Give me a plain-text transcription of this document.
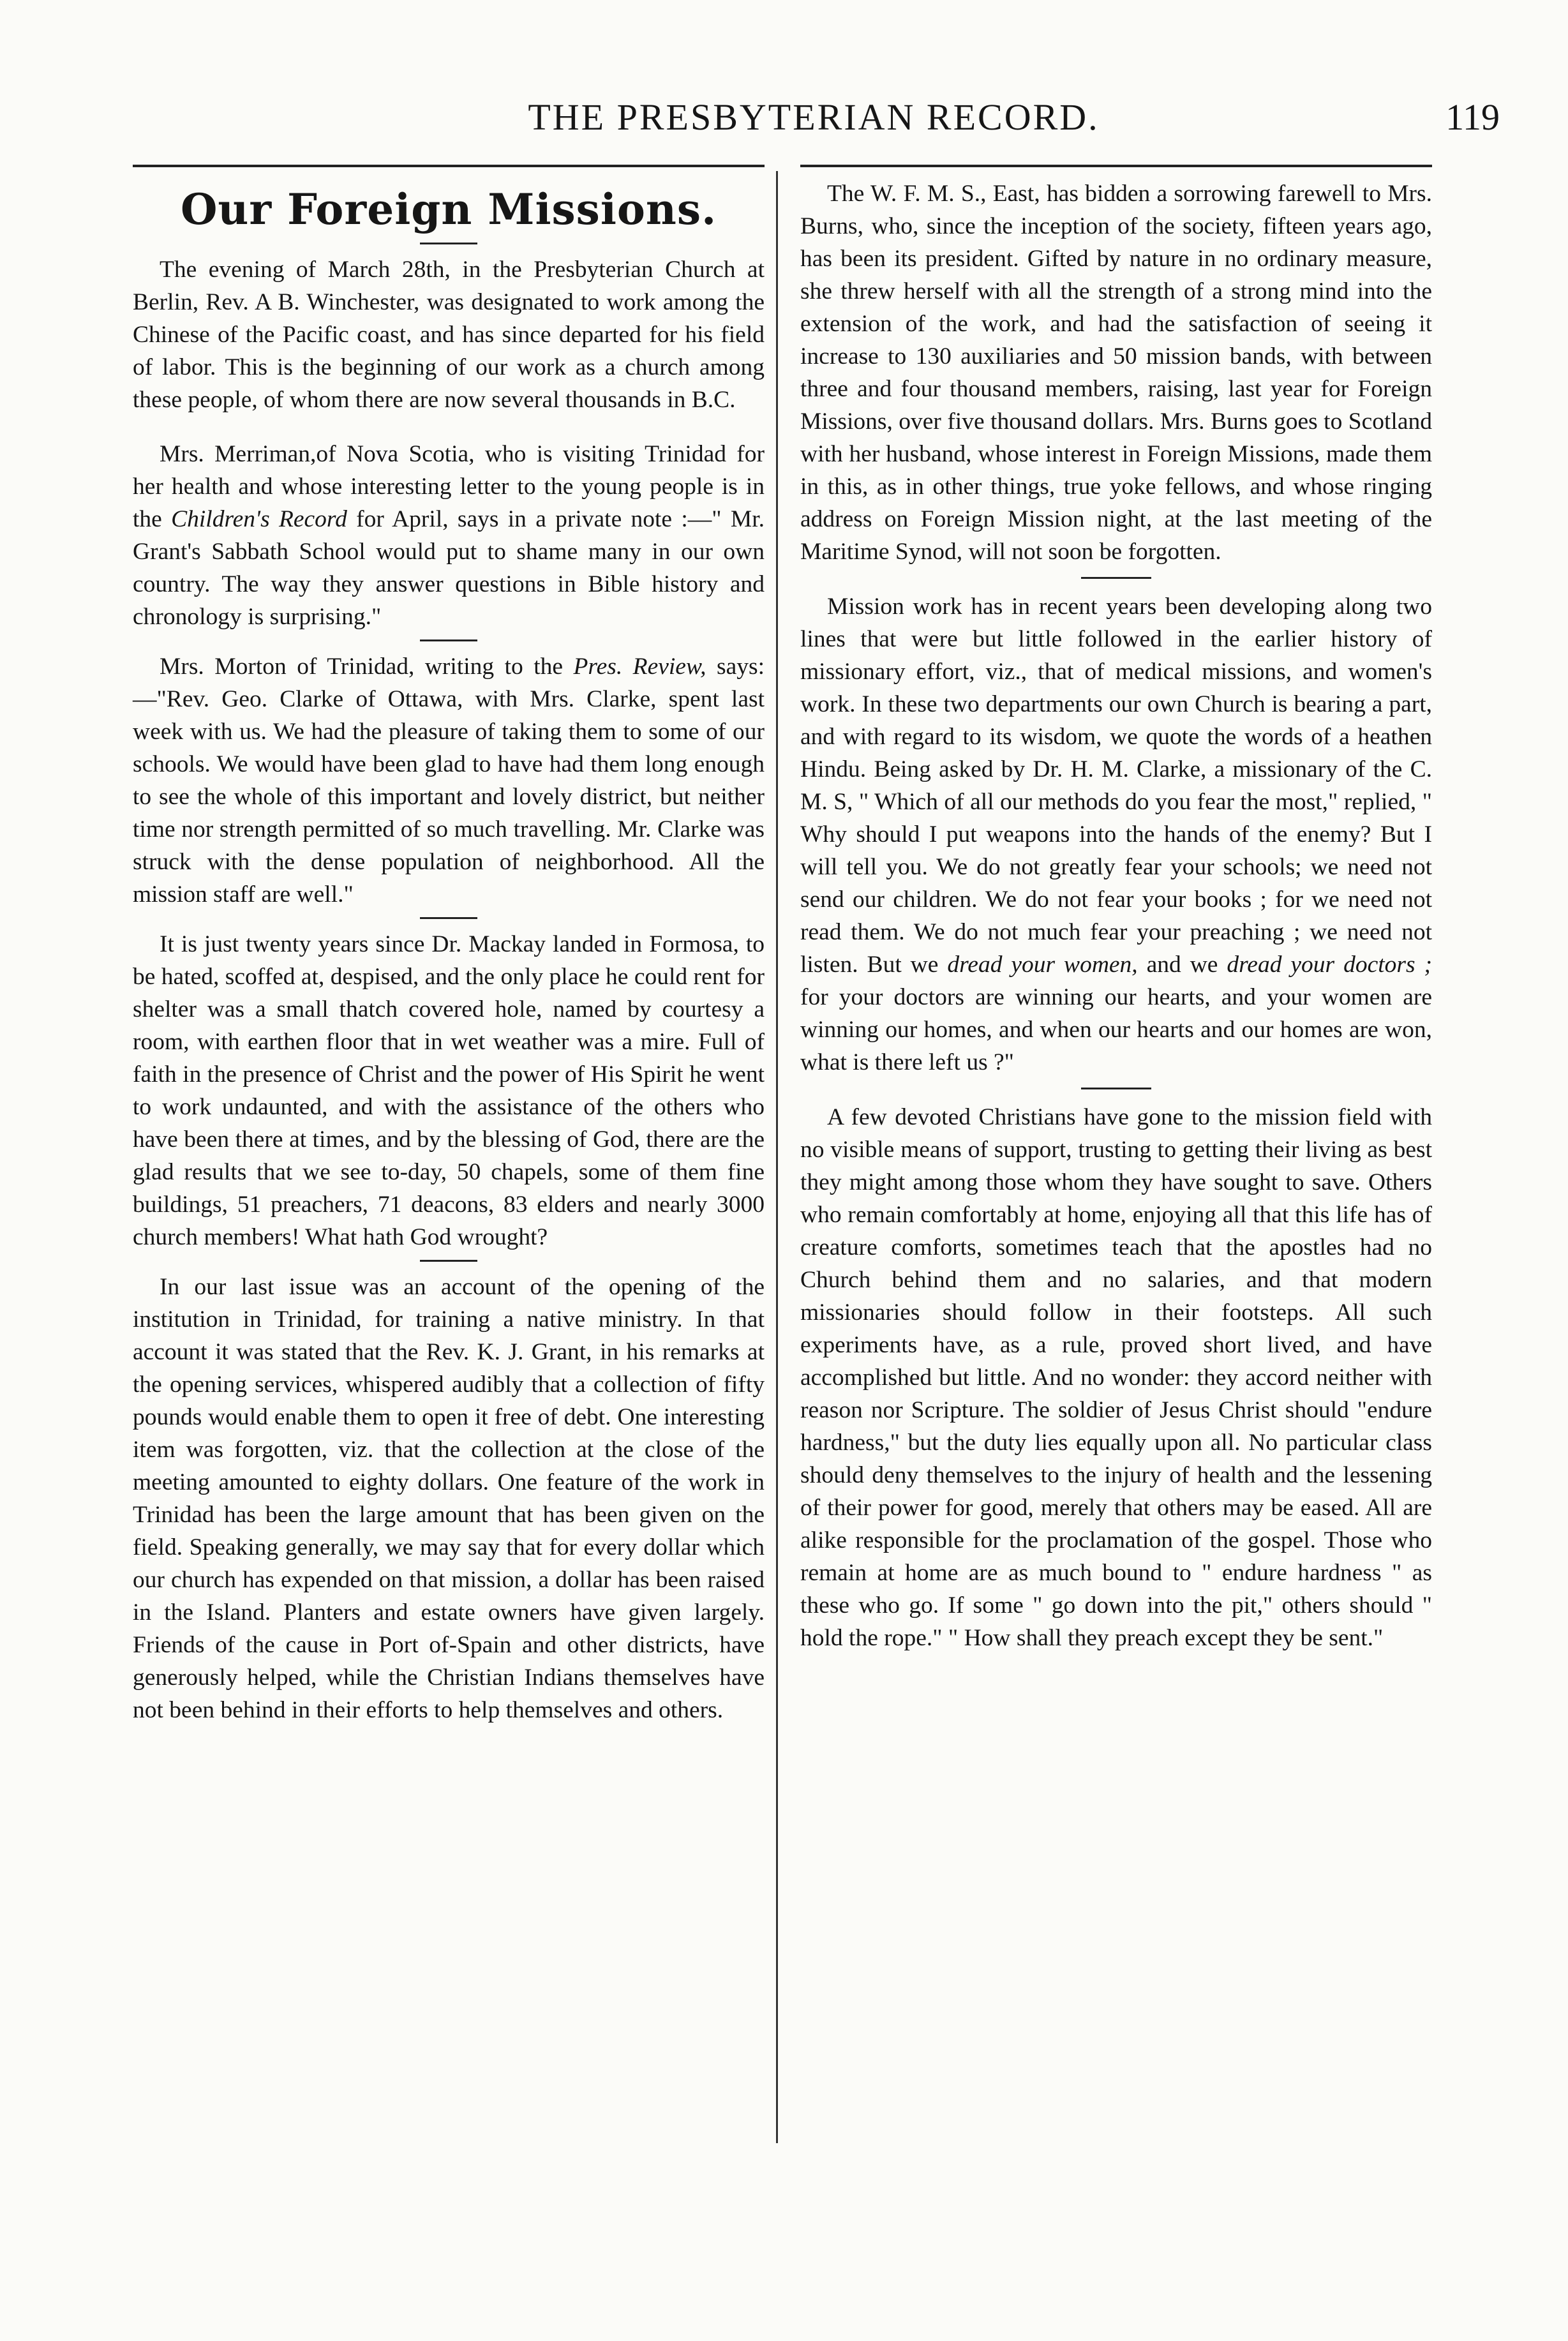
THE PRESBYTERIAN RECORD.	119
Our Foreign Missions.

The evening of March 28th, in the Presbyterian Church at Berlin, Rev. A B. Winchester, was designated to work among the Chinese of the Pacific coast, and has since departed for his field of labor. This is the beginning of our work as a church among these people, of whom there are now several thousands in B.C.

Mrs. Merriman,of Nova Scotia, who is visiting Trinidad for her health and whose interesting letter to the young people is in the Children's Record for April, says in a private note :—" Mr. Grant's Sabbath School would put to shame many in our own country. The way they answer questions in Bible history and chronology is surprising."

Mrs. Morton of Trinidad, writing to the Pres. Review, says:—"Rev. Geo. Clarke of Ottawa, with Mrs. Clarke, spent last week with us. We had the pleasure of taking them to some of our schools. We would have been glad to have had them long enough to see the whole of this important and lovely district, but neither time nor strength permitted of so much travelling. Mr. Clarke was struck with the dense population of neighborhood. All the mission staff are well."

It is just twenty years since Dr. Mackay landed in Formosa, to be hated, scoffed at, despised, and the only place he could rent for shelter was a small thatch covered hole, named by courtesy a room, with earthen floor that in wet weather was a mire. Full of faith in the presence of Christ and the power of His Spirit he went to work undaunted, and with the assistance of the others who have been there at times, and by the blessing of God, there are the glad results that we see to-day, 50 chapels, some of them fine buildings, 51 preachers, 71 deacons, 83 elders and nearly 3000 church members! What hath God wrought?

In our last issue was an account of the opening of the institution in Trinidad, for training a native ministry. In that account it was stated that the Rev. K. J. Grant, in his remarks at the opening services, whispered audibly that a collection of fifty pounds would enable them to open it free of debt. One interesting item was forgotten, viz. that the collection at the close of the meeting amounted to eighty dollars. One feature of the work in Trinidad has been the large amount that has been given on the field. Speaking generally, we may say that for every dollar which our church has expended on that mission, a dollar has been raised in the Island. Planters and estate owners have given largely. Friends of the cause in Port of-Spain and other districts, have generously helped, while the Christian Indians themselves have not been behind in their efforts to help themselves and others.

The W. F. M. S., East, has bidden a sorrowing farewell to Mrs. Burns, who, since the inception of the society, fifteen years ago, has been its president. Gifted by nature in no ordinary measure, she threw herself with all the strength of a strong mind into the extension of the work, and had the satisfaction of seeing it increase to 130 auxiliaries and 50 mission bands, with between three and four thousand members, raising, last year for Foreign Missions, over five thousand dollars. Mrs. Burns goes to Scotland with her husband, whose interest in Foreign Missions, made them in this, as in other things, true yoke fellows, and whose ringing address on Foreign Mission night, at the last meeting of the Maritime Synod, will not soon be forgotten.

Mission work has in recent years been developing along two lines that were but little followed in the earlier history of missionary effort, viz., that of medical missions, and women's work. In these two departments our own Church is bearing a part, and with regard to its wisdom, we quote the words of a heathen Hindu. Being asked by Dr. H. M. Clarke, a missionary of the C. M. S, " Which of all our methods do you fear the most," replied, " Why should I put weapons into the hands of the enemy? But I will tell you. We do not greatly fear your schools; we need not send our children. We do not fear your books ; for we need not read them. We do not much fear your preaching ; we need not listen. But we dread your women, and we dread your doctors ; for your doctors are winning our hearts, and your women are winning our homes, and when our hearts and our homes are won, what is there left us ?"

A few devoted Christians have gone to the mission field with no visible means of support, trusting to getting their living as best they might among those whom they have sought to save. Others who remain comfortably at home, enjoying all that this life has of creature comforts, sometimes teach that the apostles had no Church behind them and no salaries, and that modern missionaries should follow in their footsteps. All such experiments have, as a rule, proved short lived, and have accomplished but little. And no wonder: they accord neither with reason nor Scripture. The soldier of Jesus Christ should "endure hardness," but the duty lies equally upon all. No particular class should deny themselves to the injury of health and the lessening of their power for good, merely that others may be eased. All are alike responsible for the proclamation of the gospel. Those who remain at home are as much bound to " endure hardness " as these who go. If some " go down into the pit," others should " hold the rope." " How shall they preach except they be sent."
